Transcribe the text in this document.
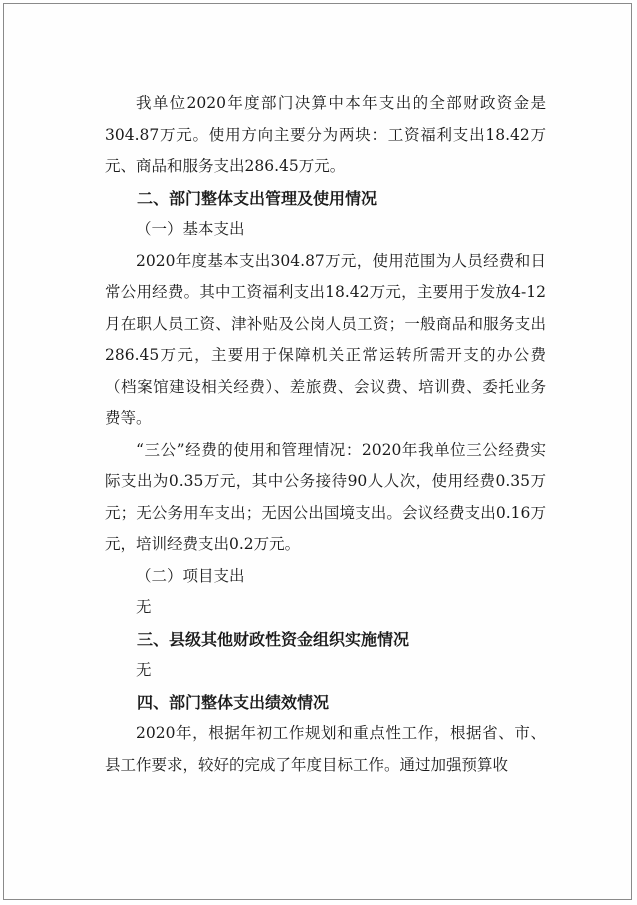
我单位2020年度部门决算中本年支出的全部财政资金是304.87万元。使用方向主要分为两块：工资福利支出18.42万元、商品和服务支出286.45万元。

二、部门整体支出管理及使用情况

（一）基本支出

2020年度基本支出304.87万元，使用范围为人员经费和日常公用经费。其中工资福利支出18.42万元，主要用于发放4-12月在职人员工资、津补贴及公岗人员工资；一般商品和服务支出286.45万元，主要用于保障机关正常运转所需开支的办公费（档案馆建设相关经费）、差旅费、会议费、培训费、委托业务费等。

“三公”经费的使用和管理情况：2020年我单位三公经费实际支出为0.35万元，其中公务接待90人人次，使用经费0.35万元；无公务用车支出；无因公出国境支出。会议经费支出0.16万元，培训经费支出0.2万元。

（二）项目支出

无

三、县级其他财政性资金组织实施情况

无

四、部门整体支出绩效情况

2020年，根据年初工作规划和重点性工作，根据省、市、县工作要求，较好的完成了年度目标工作。通过加强预算收
